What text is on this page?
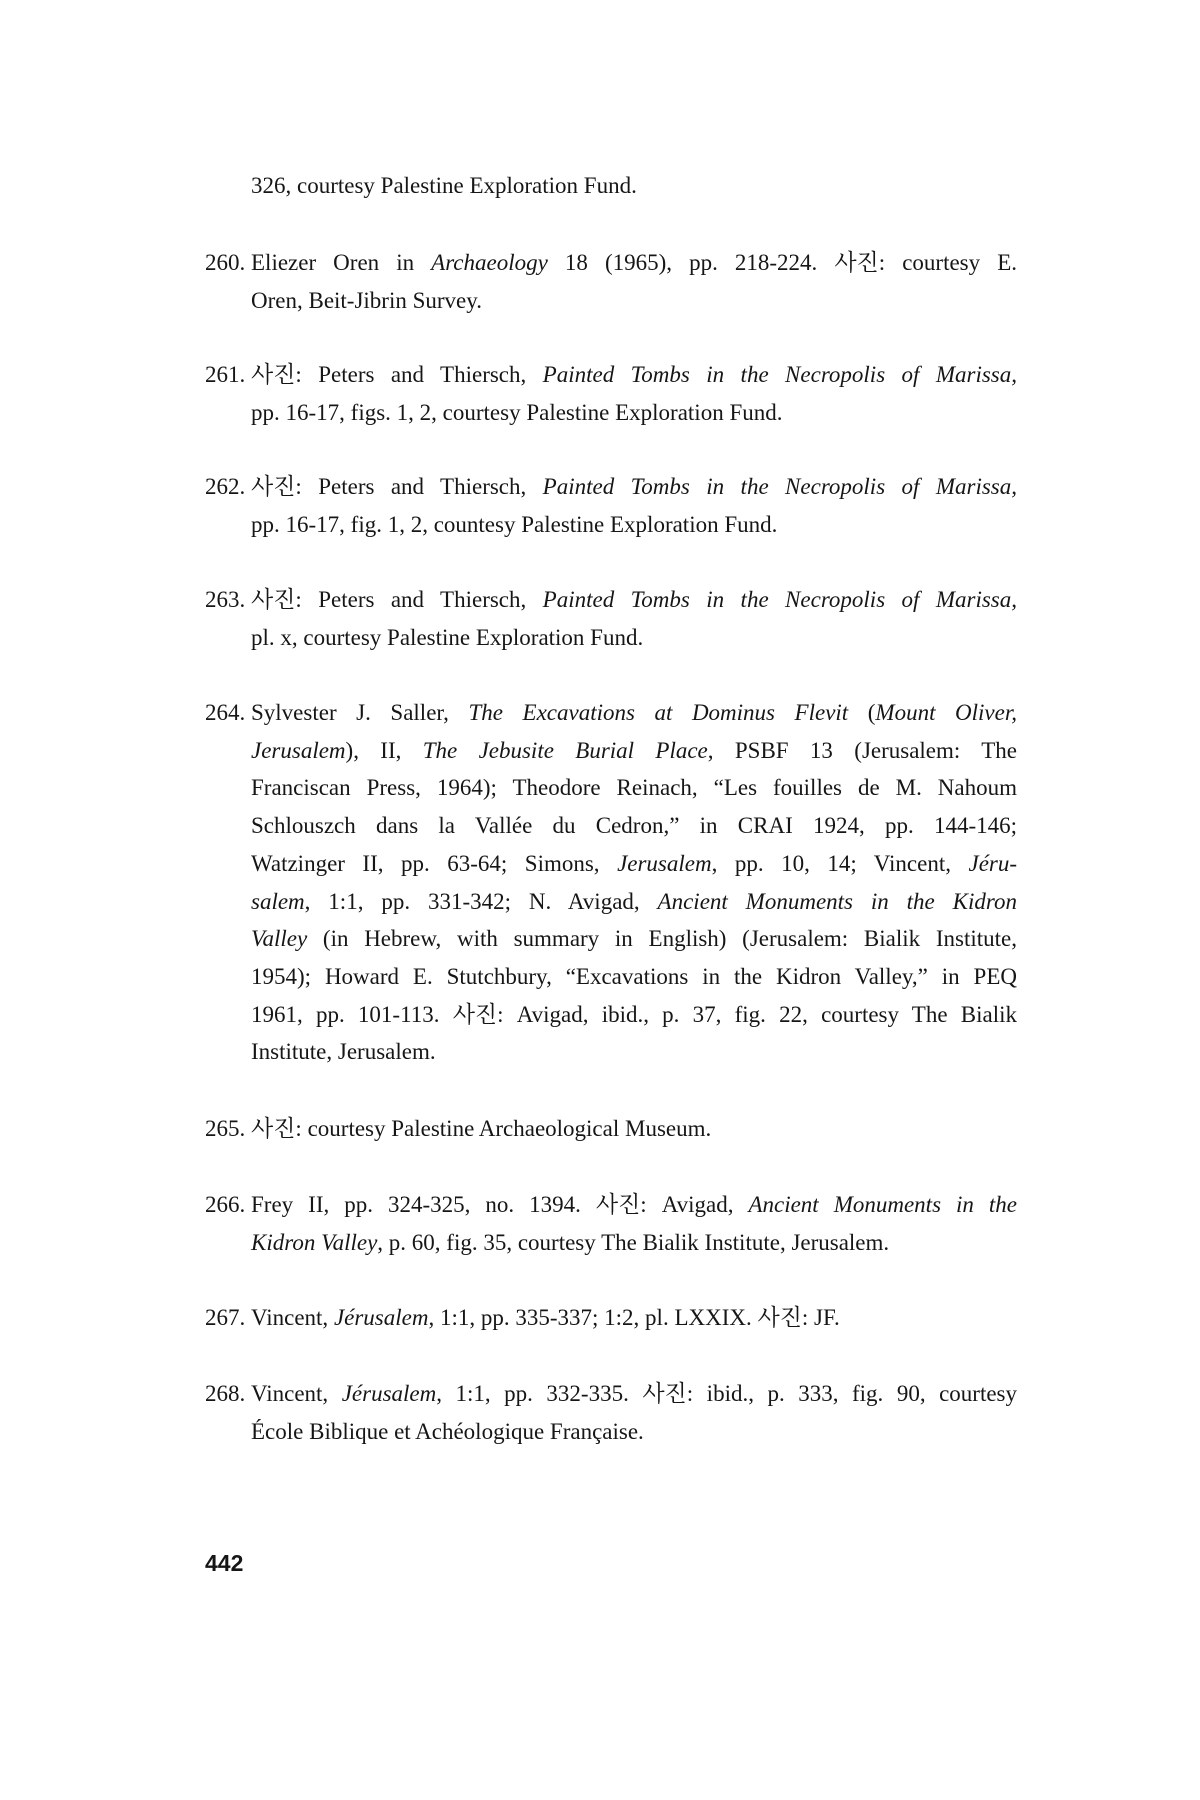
326, courtesy Palestine Exploration Fund.
260. Eliezer Oren in Archaeology 18 (1965), pp. 218-224. 사진: courtesy E.
Oren, Beit-Jibrin Survey.
261. 사진: Peters and Thiersch, Painted Tombs in the Necropolis of Marissa,
pp. 16-17, figs. 1, 2, courtesy Palestine Exploration Fund.
262. 사진: Peters and Thiersch, Painted Tombs in the Necropolis of Marissa,
pp. 16-17, fig. 1, 2, countesy Palestine Exploration Fund.
263. 사진: Peters and Thiersch, Painted Tombs in the Necropolis of Marissa,
pl. x, courtesy Palestine Exploration Fund.
264. Sylvester J. Saller, The Excavations at Dominus Flevit (Mount Oliver,
Jerusalem), II, The Jebusite Burial Place, PSBF 13 (Jerusalem: The
Franciscan Press, 1964); Theodore Reinach, “Les fouilles de M. Nahoum
Schlouszch dans la Vallée du Cedron,” in CRAI 1924, pp. 144-146;
Watzinger II, pp. 63-64; Simons, Jerusalem, pp. 10, 14; Vincent, Jéru-
salem, 1:1, pp. 331-342; N. Avigad, Ancient Monuments in the Kidron
Valley (in Hebrew, with summary in English) (Jerusalem: Bialik Institute,
1954); Howard E. Stutchbury, “Excavations in the Kidron Valley,” in PEQ
1961, pp. 101-113. 사진: Avigad, ibid., p. 37, fig. 22, courtesy The Bialik
Institute, Jerusalem.
265. 사진: courtesy Palestine Archaeological Museum.
266. Frey II, pp. 324-325, no. 1394. 사진: Avigad, Ancient Monuments in the
Kidron Valley, p. 60, fig. 35, courtesy The Bialik Institute, Jerusalem.
267. Vincent, Jérusalem, 1:1, pp. 335-337; 1:2, pl. LXXIX. 사진: JF.
268. Vincent, Jérusalem, 1:1, pp. 332-335. 사진: ibid., p. 333, fig. 90, courtesy
École Biblique et Achéologique Française.
442
